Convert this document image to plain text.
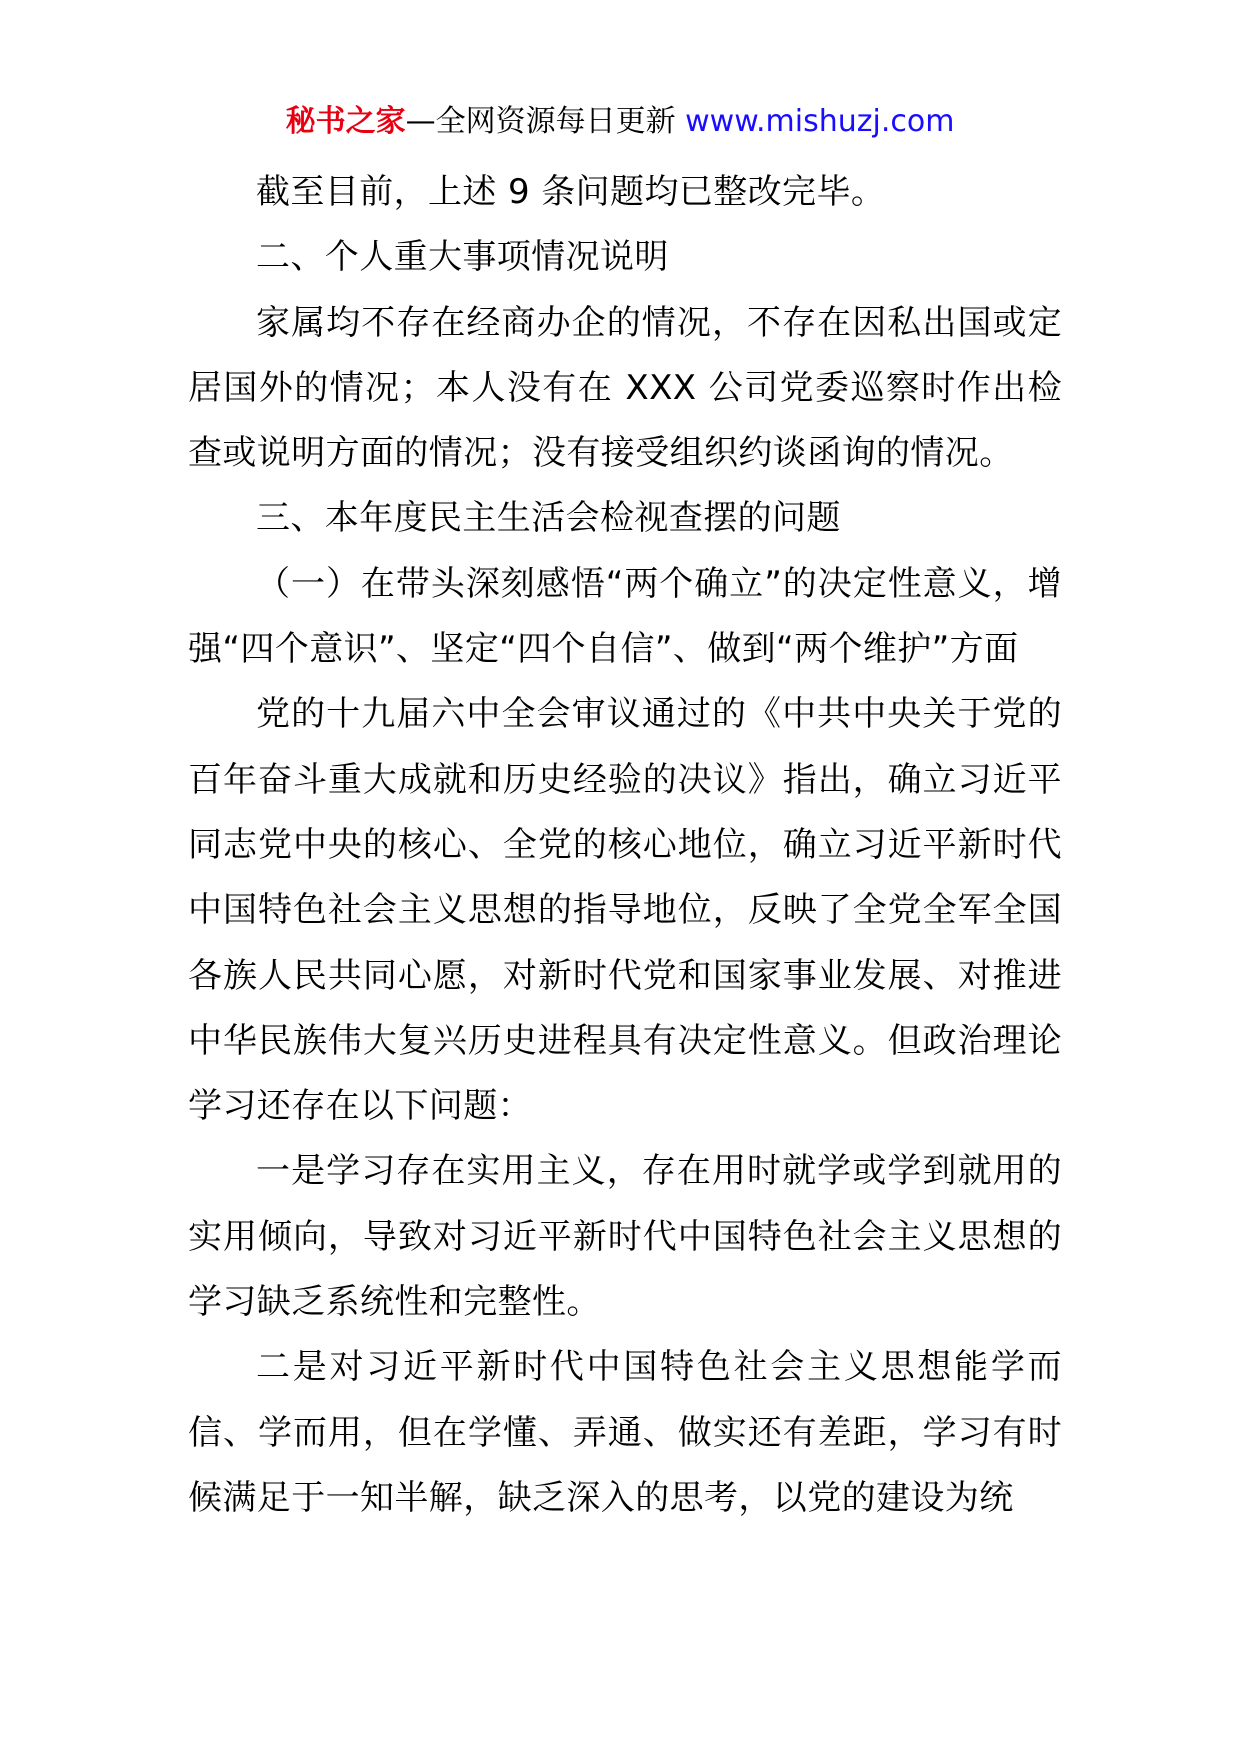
秘书之家—全网资源每日更新 www.mishuzj.com

截至目前，上述 9 条问题均已整改完毕。

二、个人重大事项情况说明

家属均不存在经商办企的情况，不存在因私出国或定居国外的情况；本人没有在 XXX 公司党委巡察时作出检查或说明方面的情况；没有接受组织约谈函询的情况。

三、本年度民主生活会检视查摆的问题

（一）在带头深刻感悟“两个确立”的决定性意义，增强“四个意识”、坚定“四个自信”、做到“两个维护”方面

党的十九届六中全会审议通过的《中共中央关于党的百年奋斗重大成就和历史经验的决议》指出，确立习近平同志党中央的核心、全党的核心地位，确立习近平新时代中国特色社会主义思想的指导地位，反映了全党全军全国各族人民共同心愿，对新时代党和国家事业发展、对推进中华民族伟大复兴历史进程具有决定性意义。但政治理论学习还存在以下问题：

一是学习存在实用主义，存在用时就学或学到就用的实用倾向，导致对习近平新时代中国特色社会主义思想的学习缺乏系统性和完整性。

二是对习近平新时代中国特色社会主义思想能学而信、学而用，但在学懂、弄通、做实还有差距，学习有时候满足于一知半解，缺乏深入的思考，以党的建设为统
